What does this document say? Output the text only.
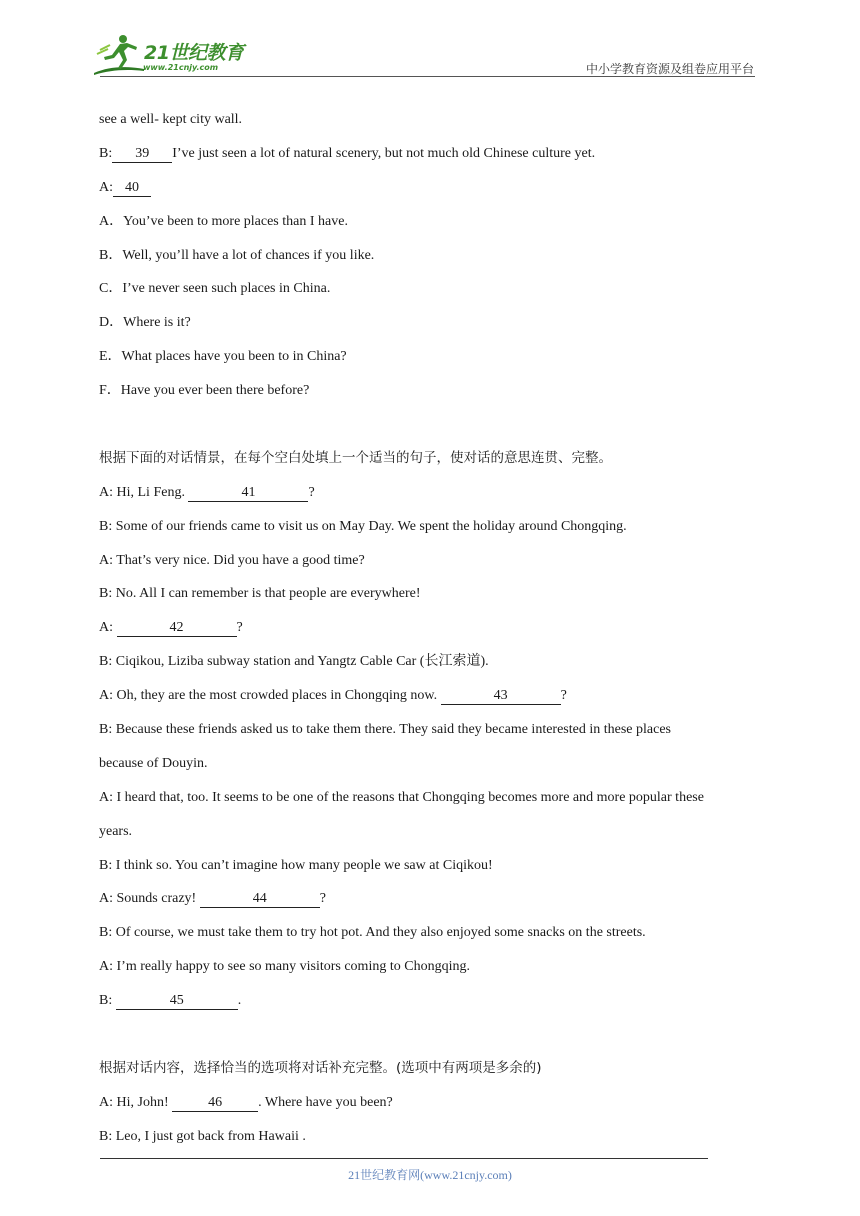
21世纪教育
www.21cnjy.com	中小学教育资源及组卷应用平台
see a well- kept city wall.
B: 39 I’ve just seen a lot of natural scenery, but not much old Chinese culture yet.
A: 40
A．You’ve been to more places than I have.
B．Well, you’ll have a lot of chances if you like.
C．I’ve never seen such places in China.
D．Where is it?
E．What places have you been to in China?
F．Have you ever been there before?
根据下面的对话情景，在每个空白处填上一个适当的句子，使对话的意思连贯、完整。
A: Hi, Li Feng.	41	?
B: Some of our friends came to visit us on May Day. We spent the holiday around Chongqing.
A: That’s very nice. Did you have a good time?
B: No. All I can remember is that people are everywhere!
A:	42	?
B: Ciqikou, Liziba subway station and Yangtz Cable Car (长江索道).
A: Oh, they are the most crowded places in Chongqing now.	43	?
B: Because these friends asked us to take them there. They said they became interested in these places
because of Douyin.
A: I heard that, too. It seems to be one of the reasons that Chongqing becomes more and more popular these
years.
B: I think so. You can’t imagine how many people we saw at Ciqikou!
A: Sounds crazy!	44	?
B: Of course, we must take them to try hot pot. And they also enjoyed some snacks on the streets.
A: I’m really happy to see so many visitors coming to Chongqing.
B:	45	.
根据对话内容，选择恰当的选项将对话补充完整。(选项中有两项是多余的)
A: Hi, John!	46	. Where have you been?
B: Leo, I just got back from Hawaii .
21世纪教育网(www.21cnjy.com)
